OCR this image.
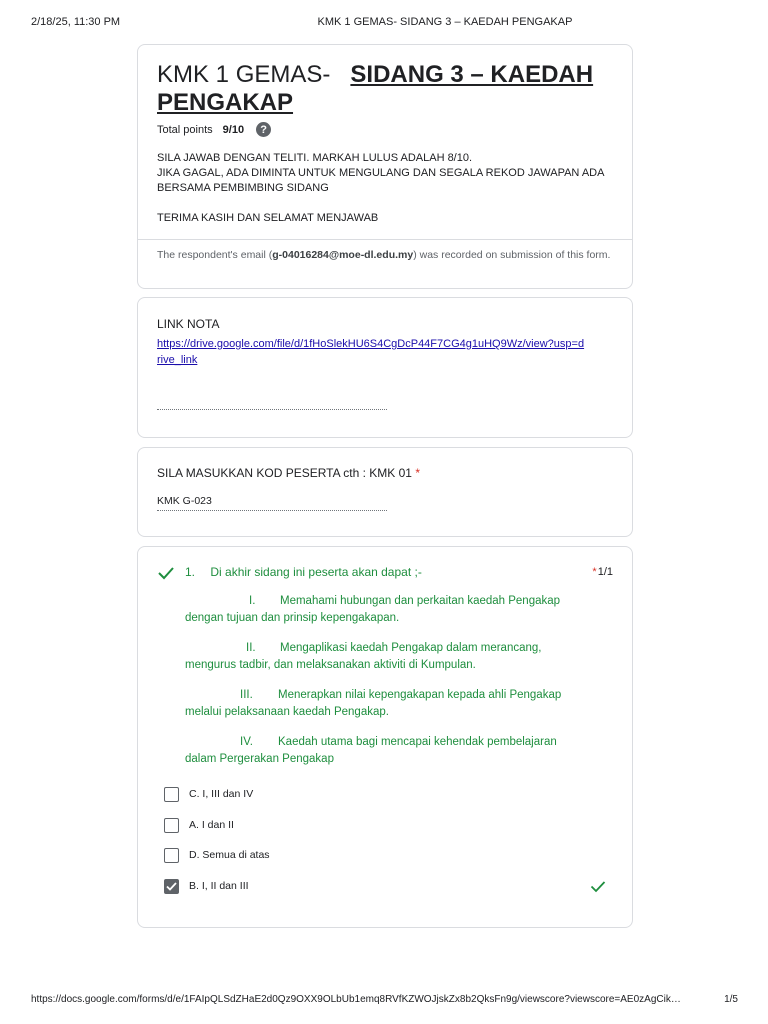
2/18/25, 11:30 PM	KMK 1 GEMAS- SIDANG 3 – KAEDAH PENGAKAP
KMK 1 GEMAS- SIDANG 3 – KAEDAH PENGAKAP
Total points 9/10	?

SILA JAWAB DENGAN TELITI. MARKAH LULUS ADALAH 8/10.

JIKA GAGAL, ADA DIMINTA UNTUK MENGULANG DAN SEGALA REKOD JAWAPAN ADA BERSAMA PEMBIMBING SIDANG

TERIMA KASIH DAN SELAMAT MENJAWAB

The respondent's email (g-04016284@moe-dl.edu.my) was recorded on submission of this form.
LINK NOTA
https://drive.google.com/file/d/1fHoSlekHU6S4CgDcP44F7CG4g1uHQ9Wz/view?usp=drive_link
SILA MASUKKAN KOD PESERTA cth : KMK 01 *
KMK G-023
1. Di akhir sidang ini peserta akan dapat ;-	*1/1
I. Memahami hubungan dan perkaitan kaedah Pengakap
dengan tujuan dan prinsip kepengakapan.
II. Mengaplikasi kaedah Pengakap dalam merancang,
mengurus tadbir, dan melaksanakan aktiviti di Kumpulan.
III. Menerapkan nilai kepengakapan kepada ahli Pengakap
melalui pelaksanaan kaedah Pengakap.
IV. Kaedah utama bagi mencapai kehendak pembelajaran
dalam Pergerakan Pengakap
C. I, III dan IV
A. I dan II
D. Semua di atas
B. I, II dan III
https://docs.google.com/forms/d/e/1FAIpQLSdZHaE2d0Qz9OXX9OLbUb1emq8RVfKZWOJjskZx8b2QksFn9g/viewscore?viewscore=AE0zAgCik…	1/5
